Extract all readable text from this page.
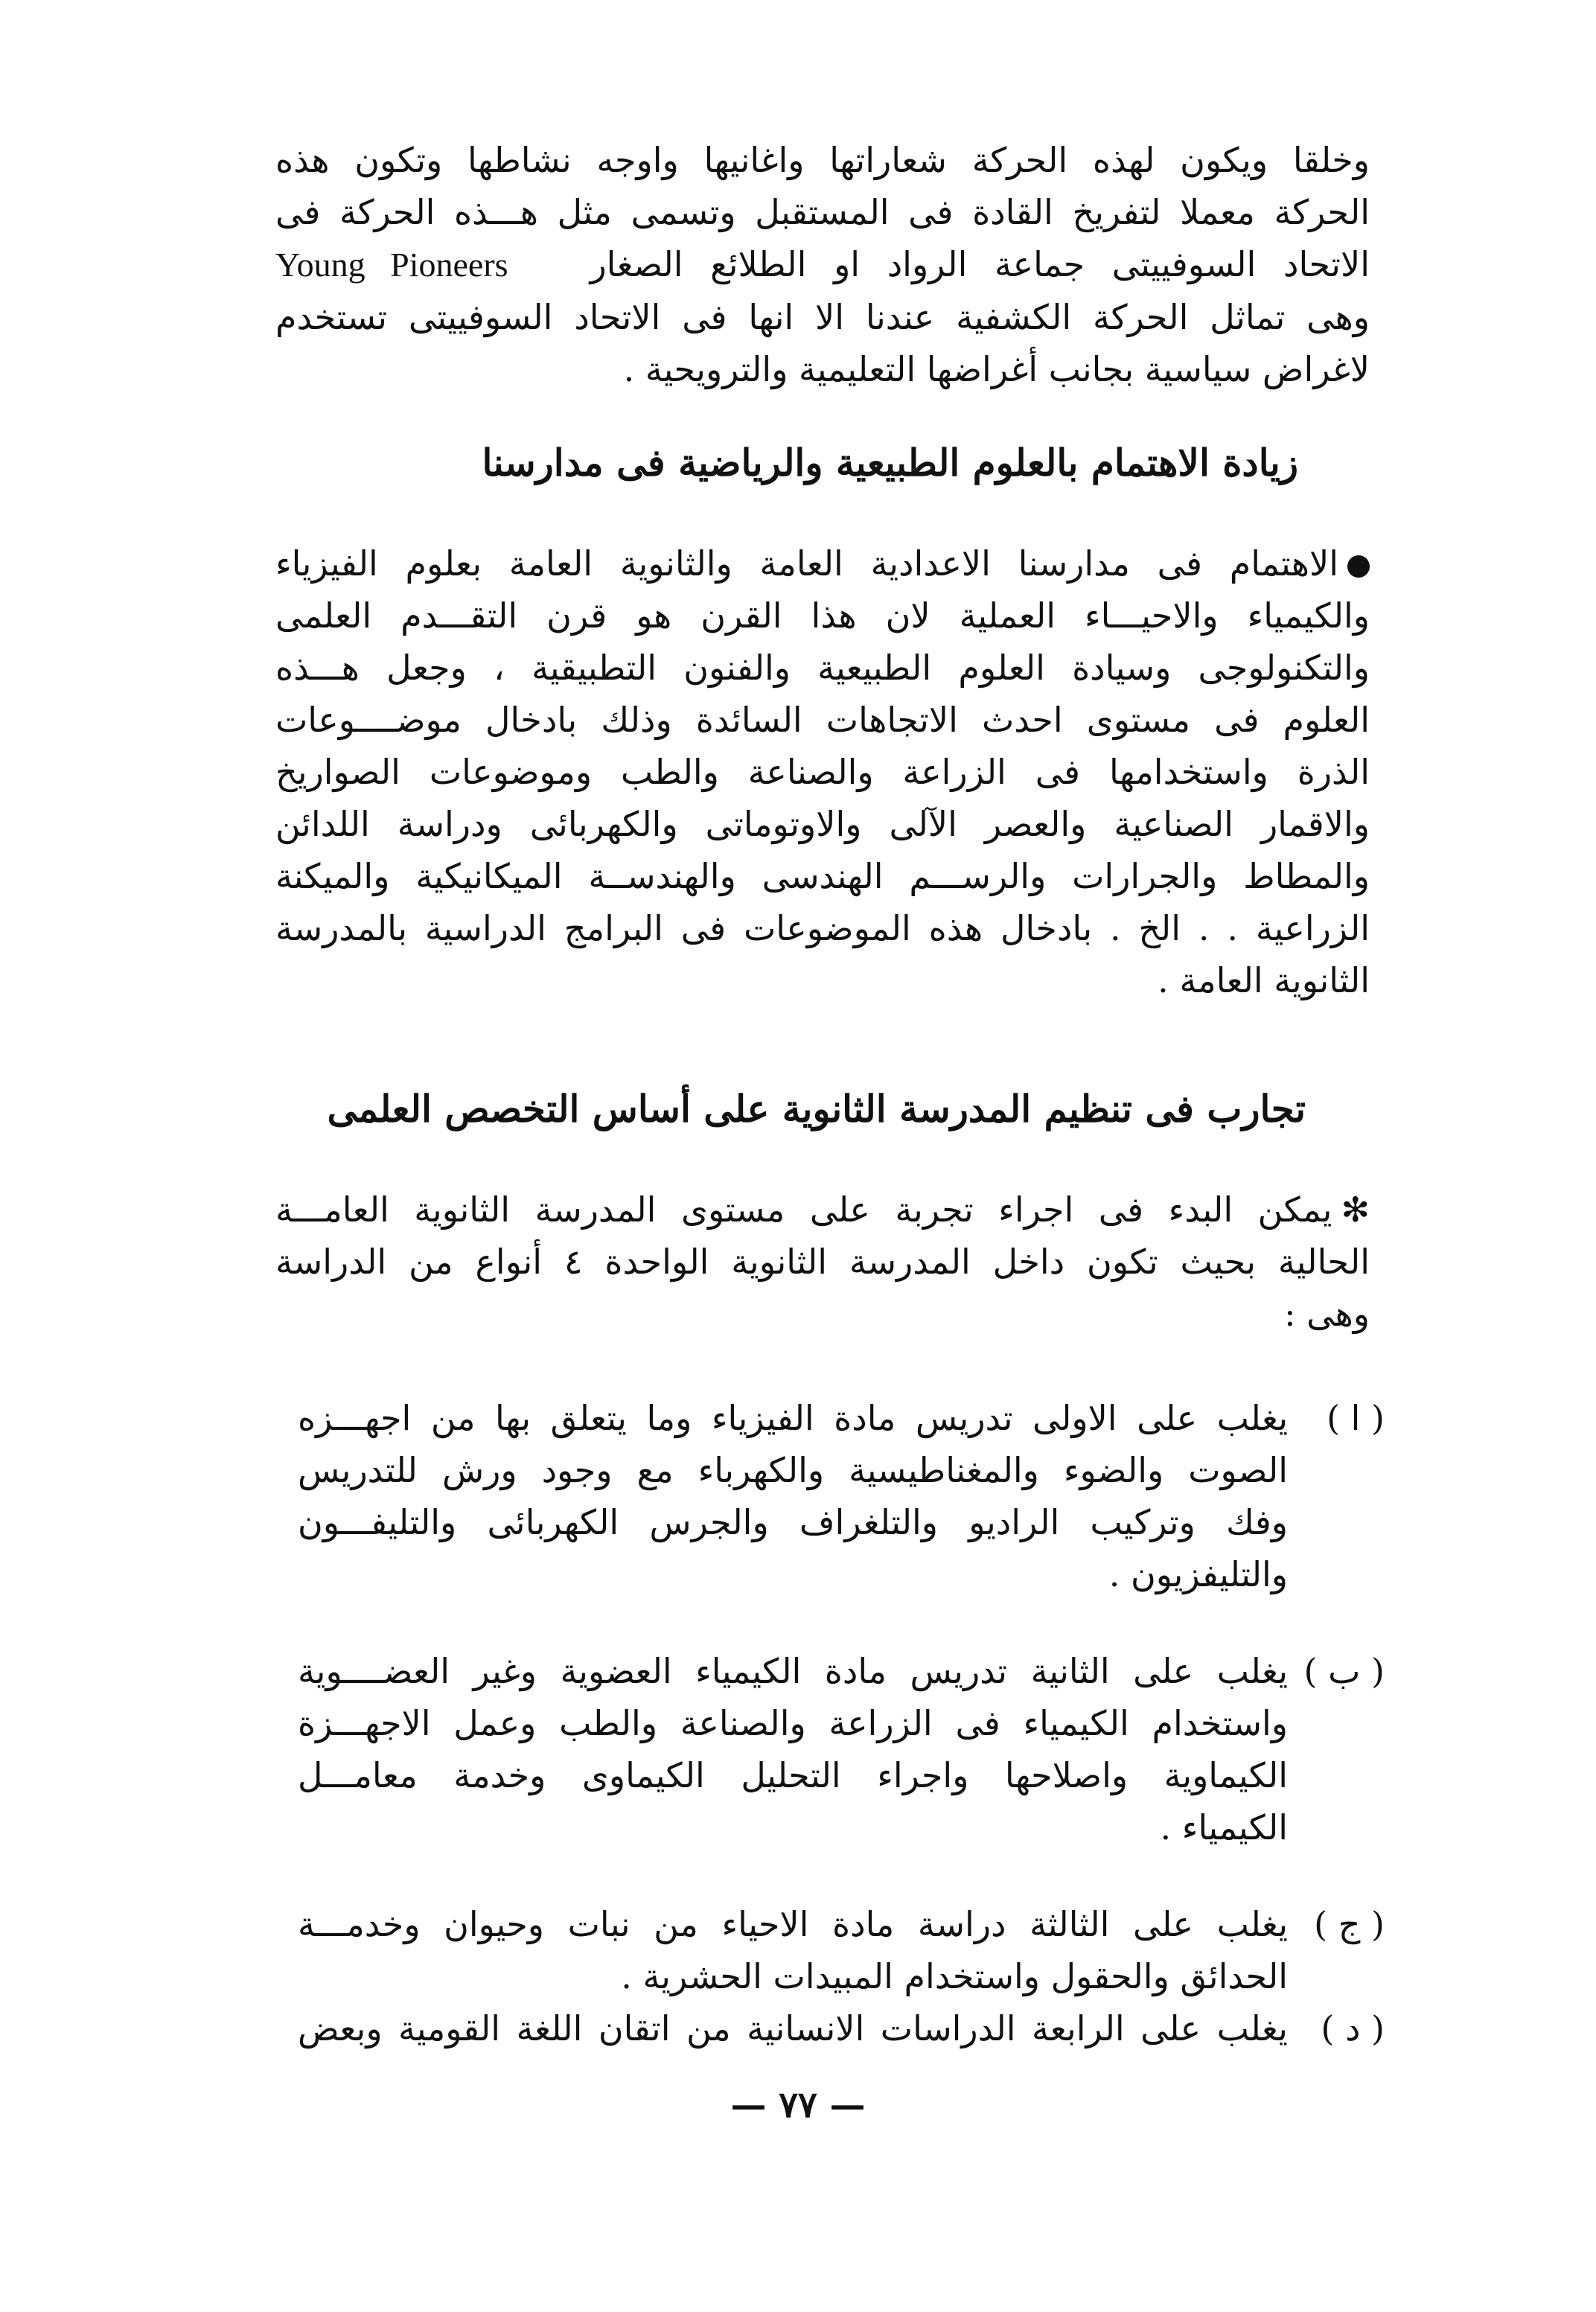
وخلقا ويكون لهذه الحركة شعاراتها واغانيها واوجه نشاطها وتكون هذه
الحركة معملا لتفريخ القادة فى المستقبل وتسمى مثل هـــذه الحركة فى
الاتحاد السوفييتى جماعة الرواد او الطلائع الصغار   Young Pioneers
وهى تماثل الحركة الكشفية عندنا الا انها فى الاتحاد السوفييتى تستخدم
لاغراض سياسية بجانب أغراضها التعليمية والترويحية .
زيادة الاهتمام بالعلوم الطبيعية والرياضية فى مدارسنا
الاهتمام فى مدارسنا الاعدادية العامة والثانوية العامة بعلوم الفيزياء
والكيمياء والاحيـــاء العملية لان هذا القرن هو قرن التقـــدم العلمى
والتكنولوجى وسيادة العلوم الطبيعية والفنون التطبيقية ، وجعل هـــذه
العلوم فى مستوى احدث الاتجاهات السائدة وذلك بادخال موضــــوعات
الذرة واستخدامها فى الزراعة والصناعة والطب وموضوعات الصواريخ
والاقمار الصناعية والعصر الآلى والاوتوماتى والكهربائى ودراسة اللدائن
والمطاط والجرارات والرســـم الهندسى والهندســة الميكانيكية والميكنة
الزراعية . . الخ . بادخال هذه الموضوعات فى البرامج الدراسية بالمدرسة
الثانوية العامة .
تجارب فى تنظيم المدرسة الثانوية على أساس التخصص العلمى
✻يمكن البدء فى اجراء تجربة على مستوى المدرسة الثانوية العامـــة
الحالية بحيث تكون داخل المدرسة الثانوية الواحدة ٤ أنواع من الدراسة
وهى :
( ا )
يغلب على الاولى تدريس مادة الفيزياء وما يتعلق بها من اجهـــزه
الصوت والضوء والمغناطيسية والكهرباء مع وجود ورش للتدريس
وفك وتركيب الراديو والتلغراف والجرس الكهربائى والتليفـــون
والتليفزيون .
( ب )
يغلب على الثانية تدريس مادة الكيمياء العضوية وغير العضــــوية
واستخدام الكيمياء فى الزراعة والصناعة والطب وعمل الاجهـــزة
الكيماوية واصلاحها واجراء التحليل الكيماوى وخدمة معامـــل
الكيمياء .
( ج )
يغلب على الثالثة دراسة مادة الاحياء من نبات وحيوان وخدمـــة
الحدائق والحقول واستخدام المبيدات الحشرية .
( د )
يغلب على الرابعة الدراسات الانسانية من اتقان اللغة القومية وبعض
— ٧٧ —
